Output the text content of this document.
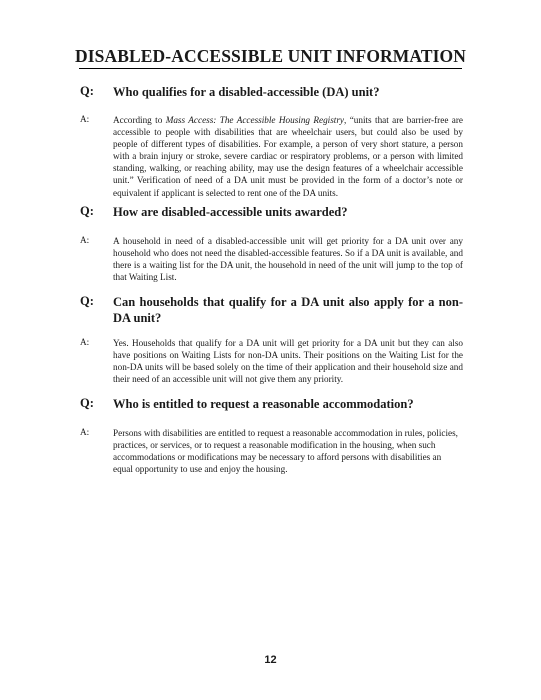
DISABLED-ACCESSIBLE UNIT INFORMATION
Q: Who qualifies for a disabled-accessible (DA) unit?
A:	According to Mass Access: The Accessible Housing Registry, “units that are barrier-free are accessible to people with disabilities that are wheelchair users, but could also be used by people of different types of disabilities. For example, a person of very short stature, a person with a brain injury or stroke, severe cardiac or respiratory problems, or a person with limited standing, walking, or reaching ability, may use the design features of a wheelchair accessible unit.” Verification of need of a DA unit must be provided in the form of a doctor’s note or equivalent if applicant is selected to rent one of the DA units.
Q: How are disabled-accessible units awarded?
A:	A household in need of a disabled-accessible unit will get priority for a DA unit over any household who does not need the disabled-accessible features. So if a DA unit is available, and there is a waiting list for the DA unit, the household in need of the unit will jump to the top of that Waiting List.
Q: Can households that qualify for a DA unit also apply for a non-DA unit?
A:	Yes. Households that qualify for a DA unit will get priority for a DA unit but they can also have positions on Waiting Lists for non-DA units. Their positions on the Waiting List for the non-DA units will be based solely on the time of their application and their household size and their need of an accessible unit will not give them any priority.
Q: Who is entitled to request a reasonable accommodation?
A:	Persons with disabilities are entitled to request a reasonable accommodation in rules, policies, practices, or services, or to request a reasonable modification in the housing, when such accommodations or modifications may be necessary to afford persons with disabilities an equal opportunity to use and enjoy the housing.
12
